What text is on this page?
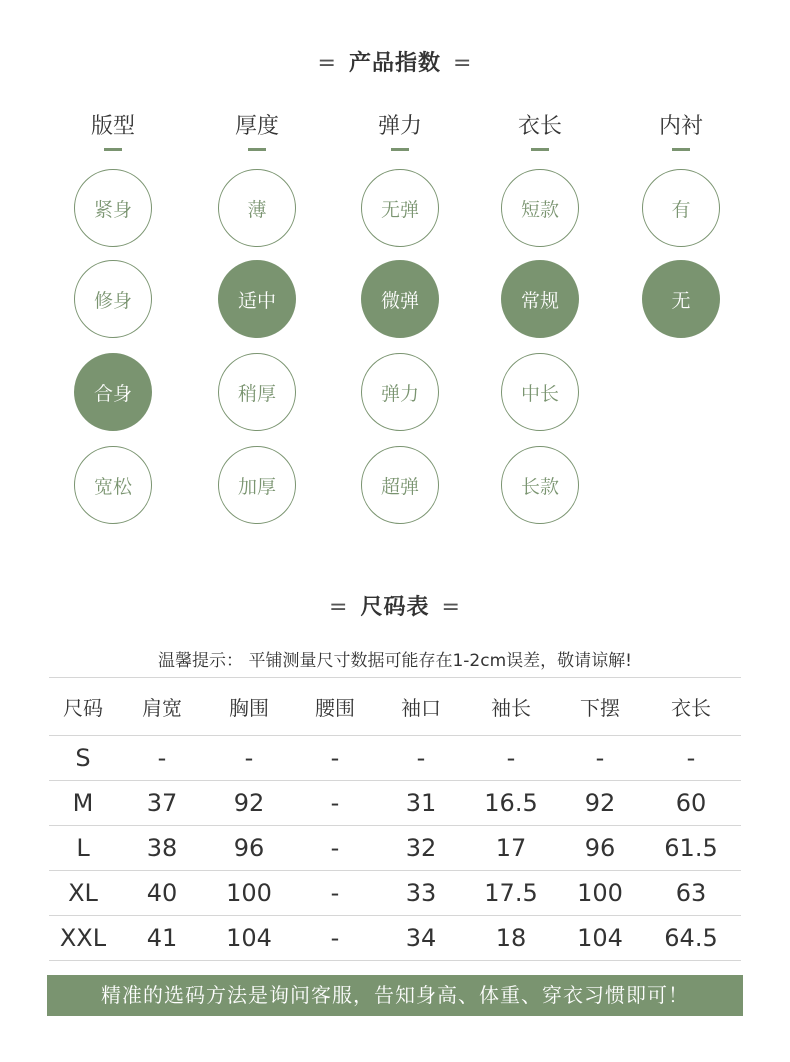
= 产品指数 =
版型
紧身
修身
合身
宽松
厚度
薄
适中
稍厚
加厚
弹力
无弹
微弹
弹力
超弹
衣长
短款
常规
中长
长款
内衬
有
无
= 尺码表 =
温馨提示： 平铺测量尺寸数据可能存在1-2cm误差，敬请谅解!
尺码	肩宽	胸围	腰围	袖口	袖长	下摆	衣长
S	-	-	-	-	-	-	-
M	37	92	-	31	16.5	92	60
L	38	96	-	32	17	96	61.5
XL	40	100	-	33	17.5	100	63
XXL	41	104	-	34	18	104	64.5
精准的选码方法是询问客服，告知身高、体重、穿衣习惯即可！
